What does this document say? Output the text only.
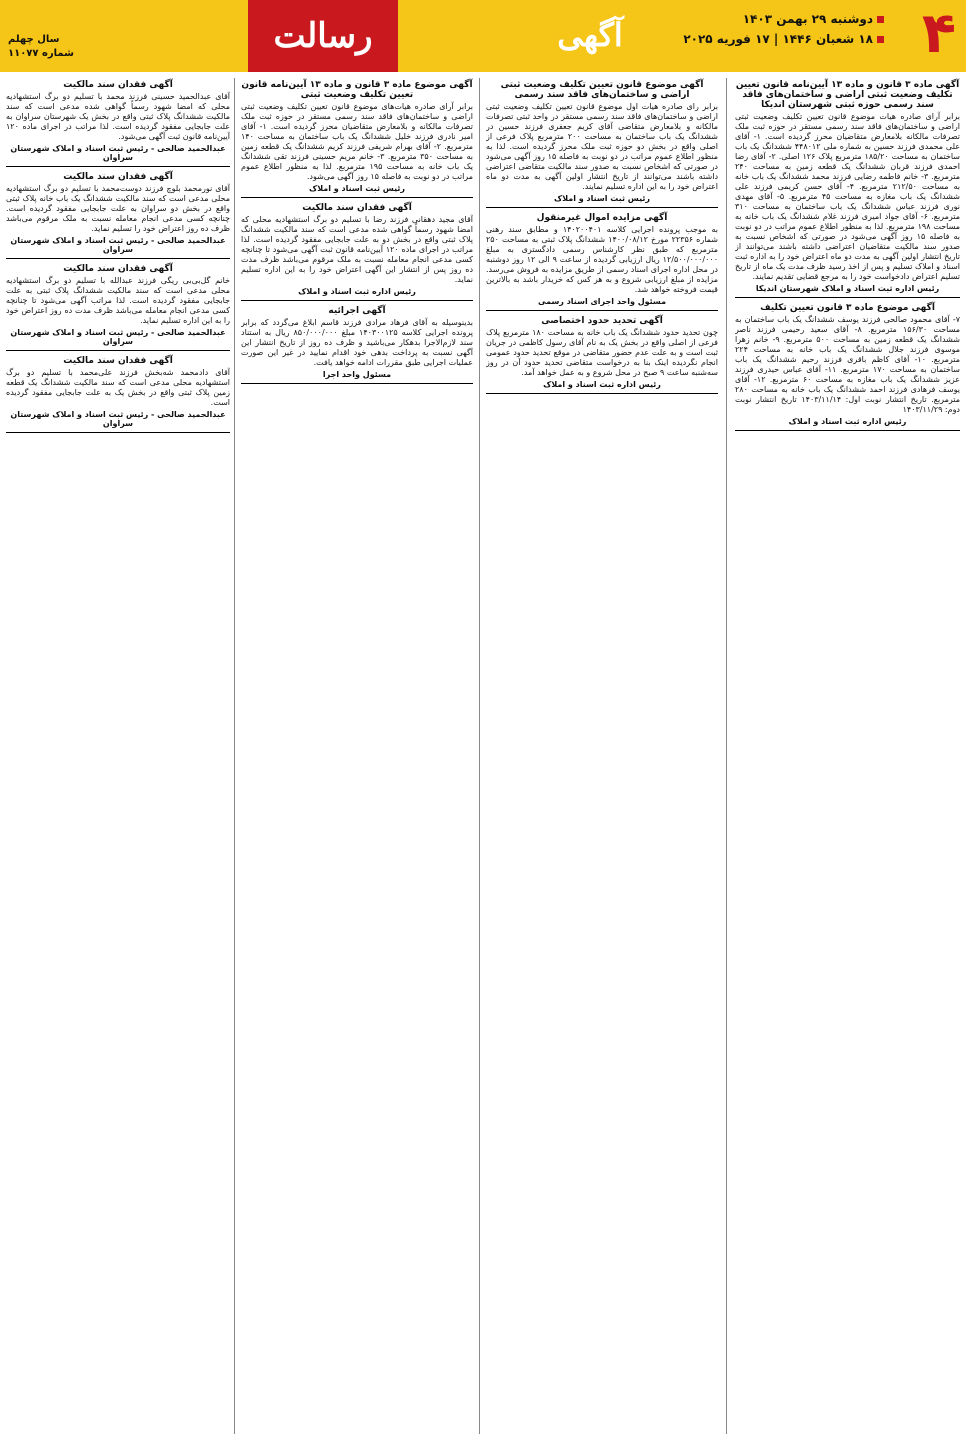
۴
دوشنبه ۲۹ بهمن ۱۴۰۳
۱۸ شعبان ۱۴۴۶ | ۱۷ فوریه ۲۰۲۵
آگهی
رسالت
سال چهلم
شماره ۱۱۰۷۷

آگهی ماده ۳ قانون و ماده ۱۳ آیین‌نامه قانون تعیین تکلیف وضعیت ثبتی اراضی و ساختمان‌های فاقد سند رسمی حوزه ثبتی شهرستان اندیکا

برابر آرای صادره هیات موضوع قانون تعیین تکلیف وضعیت ثبتی اراضی و ساختمان‌های فاقد سند رسمی مستقر در حوزه ثبت ملک تصرفات مالکانه بلامعارض متقاضیان محرز گردیده است. ۱- آقای علی محمدی فرزند حسین به شماره ملی ۴۴۸۰۱۲ ششدانگ یک باب ساختمان به مساحت ۱۸۵/۲۰ مترمربع پلاک ۱۲۶ اصلی. ۲- آقای رضا احمدی فرزند قربان ششدانگ یک قطعه زمین به مساحت ۲۴۰ مترمربع. ۳- خانم فاطمه رضایی فرزند محمد ششدانگ یک باب خانه به مساحت ۲۱۲/۵۰ مترمربع. ۴- آقای حسن کریمی فرزند علی ششدانگ یک باب مغازه به مساحت ۴۵ مترمربع. ۵- آقای مهدی نوری فرزند عباس ششدانگ یک باب ساختمان به مساحت ۳۱۰ مترمربع. ۶- آقای جواد امیری فرزند غلام ششدانگ یک باب خانه به مساحت ۱۹۸ مترمربع. لذا به منظور اطلاع عموم مراتب در دو نوبت به فاصله ۱۵ روز آگهی می‌شود در صورتی که اشخاص نسبت به صدور سند مالکیت متقاضیان اعتراضی داشته باشند می‌توانند از تاریخ انتشار اولین آگهی به مدت دو ماه اعتراض خود را به اداره ثبت اسناد و املاک تسلیم و پس از اخذ رسید ظرف مدت یک ماه از تاریخ تسلیم اعتراض دادخواست خود را به مرجع قضایی تقدیم نمایند.

رئیس اداره ثبت اسناد و املاک شهرستان اندیکا

آگهی موضوع ماده ۳ قانون تعیین تکلیف

۷- آقای محمود صالحی فرزند یوسف ششدانگ یک باب ساختمان به مساحت ۱۵۶/۳۰ مترمربع. ۸- آقای سعید رحیمی فرزند ناصر ششدانگ یک قطعه زمین به مساحت ۵۰۰ مترمربع. ۹- خانم زهرا موسوی فرزند جلال ششدانگ یک باب خانه به مساحت ۲۲۴ مترمربع. ۱۰- آقای کاظم باقری فرزند رحیم ششدانگ یک باب ساختمان به مساحت ۱۷۰ مترمربع. ۱۱- آقای عباس حیدری فرزند عزیز ششدانگ یک باب مغازه به مساحت ۶۰ مترمربع. ۱۲- آقای یوسف فرهادی فرزند احمد ششدانگ یک باب خانه به مساحت ۲۸۰ مترمربع. تاریخ انتشار نوبت اول: ۱۴۰۳/۱۱/۱۴ تاریخ انتشار نوبت دوم: ۱۴۰۳/۱۱/۲۹

رئیس اداره ثبت اسناد و املاک

آگهی موضوع قانون تعیین تکلیف وضعیت ثبتی اراضی و ساختمان‌های فاقد سند رسمی

برابر رای صادره هیات اول موضوع قانون تعیین تکلیف وضعیت ثبتی اراضی و ساختمان‌های فاقد سند رسمی مستقر در واحد ثبتی تصرفات مالکانه و بلامعارض متقاضی آقای کریم جعفری فرزند حسین در ششدانگ یک باب ساختمان به مساحت ۲۰۰ مترمربع پلاک فرعی از اصلی واقع در بخش دو حوزه ثبت ملک محرز گردیده است. لذا به منظور اطلاع عموم مراتب در دو نوبت به فاصله ۱۵ روز آگهی می‌شود در صورتی که اشخاص نسبت به صدور سند مالکیت متقاضی اعتراضی داشته باشند می‌توانند از تاریخ انتشار اولین آگهی به مدت دو ماه اعتراض خود را به این اداره تسلیم نمایند.

رئیس ثبت اسناد و املاک

آگهی مزایده اموال غیرمنقول

به موجب پرونده اجرایی کلاسه ۱۴۰۲۰۰۴۰۱ و مطابق سند رهنی شماره ۲۲۳۵۶ مورخ ۱۴۰۰/۰۸/۱۲ ششدانگ پلاک ثبتی به مساحت ۲۵۰ مترمربع که طبق نظر کارشناس رسمی دادگستری به مبلغ ۱۲/۵۰۰/۰۰۰/۰۰۰ ریال ارزیابی گردیده از ساعت ۹ الی ۱۲ روز دوشنبه در محل اداره اجرای اسناد رسمی از طریق مزایده به فروش می‌رسد. مزایده از مبلغ ارزیابی شروع و به هر کس که خریدار باشد به بالاترین قیمت فروخته خواهد شد.

مسئول واحد اجرای اسناد رسمی

آگهی تحدید حدود اختصاصی

چون تحدید حدود ششدانگ یک باب خانه به مساحت ۱۸۰ مترمربع پلاک فرعی از اصلی واقع در بخش یک به نام آقای رسول کاظمی در جریان ثبت است و به علت عدم حضور متقاضی در موقع تحدید حدود عمومی انجام نگردیده اینک بنا به درخواست متقاضی تحدید حدود آن در روز سه‌شنبه ساعت ۹ صبح در محل شروع و به عمل خواهد آمد.

رئیس اداره ثبت اسناد و املاک

آگهی موضوع ماده ۳ قانون و ماده ۱۳ آیین‌نامه قانون تعیین تکلیف وضعیت ثبتی

برابر آرای صادره هیات‌های موضوع قانون تعیین تکلیف وضعیت ثبتی اراضی و ساختمان‌های فاقد سند رسمی مستقر در حوزه ثبت ملک تصرفات مالکانه و بلامعارض متقاضیان محرز گردیده است. ۱- آقای امیر نادری فرزند خلیل ششدانگ یک باب ساختمان به مساحت ۱۴۰ مترمربع. ۲- آقای بهرام شریفی فرزند کریم ششدانگ یک قطعه زمین به مساحت ۳۵۰ مترمربع. ۳- خانم مریم حسینی فرزند تقی ششدانگ یک باب خانه به مساحت ۱۹۵ مترمربع. لذا به منظور اطلاع عموم مراتب در دو نوبت به فاصله ۱۵ روز آگهی می‌شود.

رئیس ثبت اسناد و املاک

آگهی فقدان سند مالکیت

آقای مجید دهقانی فرزند رضا با تسلیم دو برگ استشهادیه محلی که امضا شهود رسماً گواهی شده مدعی است که سند مالکیت ششدانگ پلاک ثبتی واقع در بخش دو به علت جابجایی مفقود گردیده است. لذا مراتب در اجرای ماده ۱۲۰ آیین‌نامه قانون ثبت آگهی می‌شود تا چنانچه کسی مدعی انجام معامله نسبت به ملک مرقوم می‌باشد ظرف مدت ده روز پس از انتشار این آگهی اعتراض خود را به این اداره تسلیم نماید.

رئیس اداره ثبت اسناد و املاک

آگهی اجرائیه

بدینوسیله به آقای فرهاد مرادی فرزند قاسم ابلاغ می‌گردد که برابر پرونده اجرایی کلاسه ۱۴۰۳۰۰۱۲۵ مبلغ ۸۵۰/۰۰۰/۰۰۰ ریال به استناد سند لازم‌الاجرا بدهکار می‌باشید و ظرف ده روز از تاریخ انتشار این آگهی نسبت به پرداخت بدهی خود اقدام نمایید در غیر این صورت عملیات اجرایی طبق مقررات ادامه خواهد یافت.

مسئول واحد اجرا

آگهی فقدان سند مالکیت

آقای عبدالحمید حسینی فرزند محمد با تسلیم دو برگ استشهادیه محلی که امضا شهود رسماً گواهی شده مدعی است که سند مالکیت ششدانگ پلاک ثبتی واقع در بخش یک شهرستان سراوان به علت جابجایی مفقود گردیده است. لذا مراتب در اجرای ماده ۱۲۰ آیین‌نامه قانون ثبت آگهی می‌شود.

عبدالحمید صالحی - رئیس ثبت اسناد و املاک شهرستان سراوان

آگهی فقدان سند مالکیت

آقای نورمحمد بلوچ فرزند دوست‌محمد با تسلیم دو برگ استشهادیه محلی مدعی است که سند مالکیت ششدانگ یک باب خانه پلاک ثبتی واقع در بخش دو سراوان به علت جابجایی مفقود گردیده است. چنانچه کسی مدعی انجام معامله نسبت به ملک مرقوم می‌باشد ظرف ده روز اعتراض خود را تسلیم نماید.

عبدالحمید صالحی - رئیس ثبت اسناد و املاک شهرستان سراوان

آگهی فقدان سند مالکیت

خانم گل‌بی‌بی ریگی فرزند عبدالله با تسلیم دو برگ استشهادیه محلی مدعی است که سند مالکیت ششدانگ پلاک ثبتی به علت جابجایی مفقود گردیده است. لذا مراتب آگهی می‌شود تا چنانچه کسی مدعی انجام معامله می‌باشد ظرف مدت ده روز اعتراض خود را به این اداره تسلیم نماید.

عبدالحمید صالحی - رئیس ثبت اسناد و املاک شهرستان سراوان

آگهی فقدان سند مالکیت

آقای دادمحمد شه‌بخش فرزند علی‌محمد با تسلیم دو برگ استشهادیه محلی مدعی است که سند مالکیت ششدانگ یک قطعه زمین پلاک ثبتی واقع در بخش یک به علت جابجایی مفقود گردیده است.

عبدالحمید صالحی - رئیس ثبت اسناد و املاک شهرستان سراوان
